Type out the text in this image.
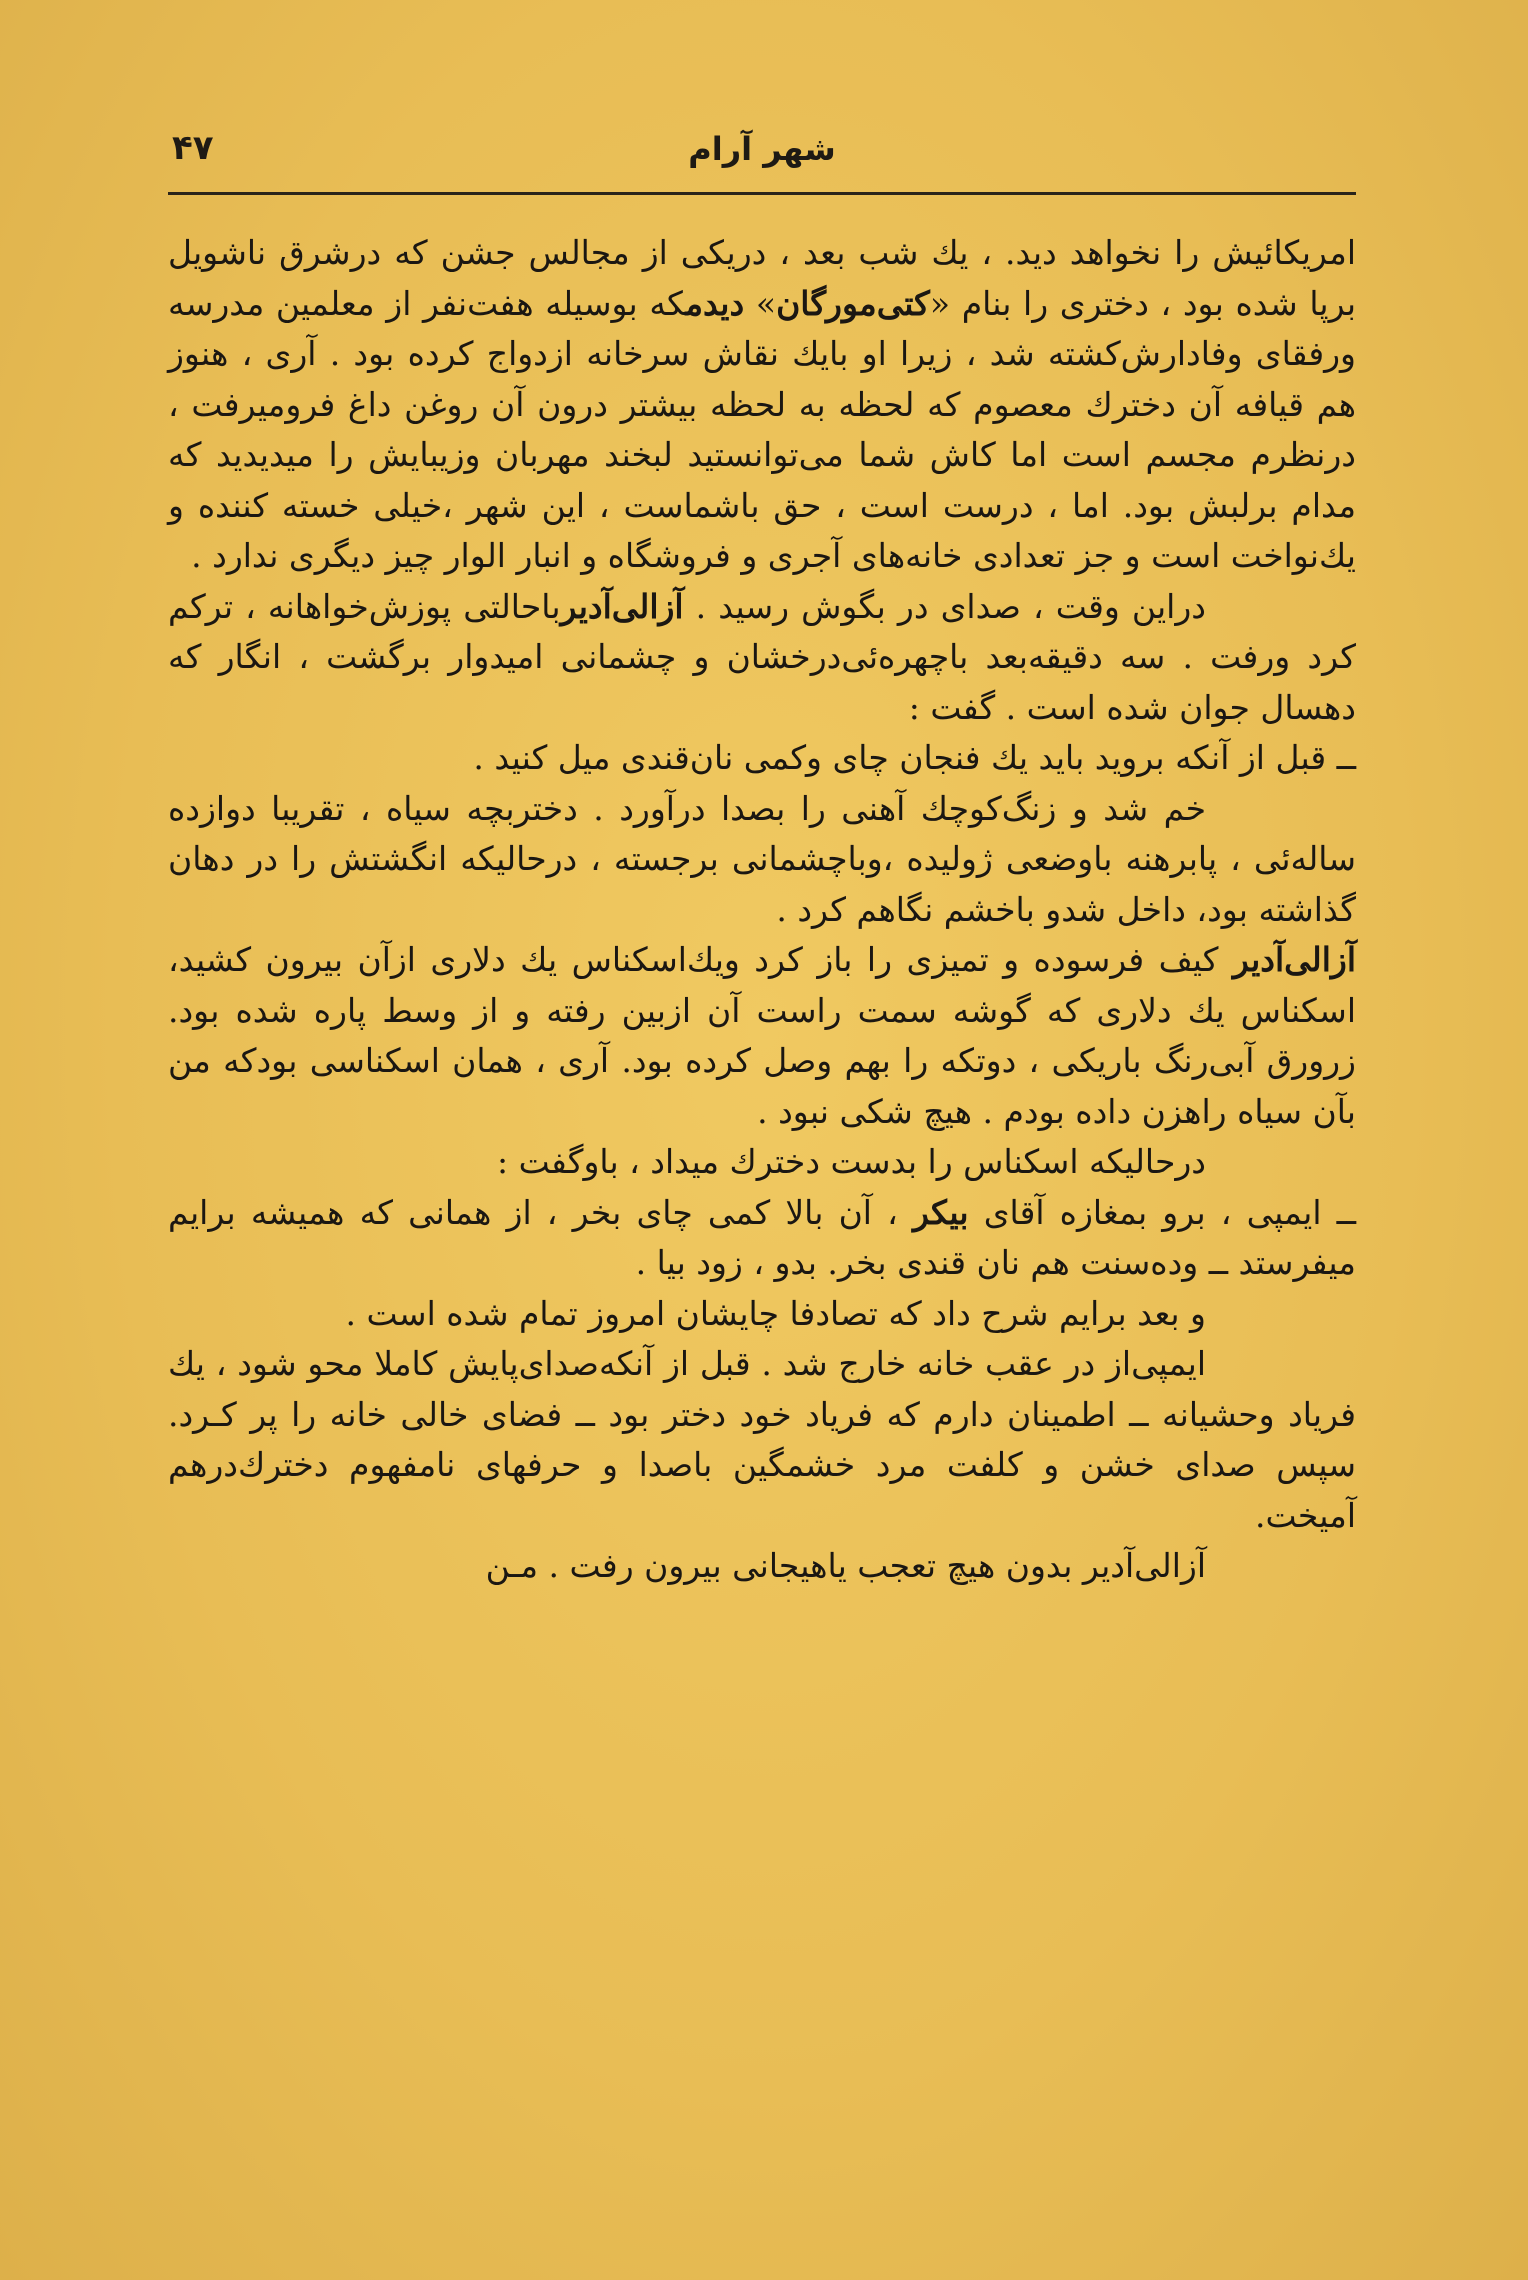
شهر آرام
۴۷

امریکائیش را نخواهد دید. ، یك شب بعد ، دریکی از مجالس جشن که درشرق ناشویل برپا شده بود ، دختری را بنام «کتی‌مورگان» دیدمکه بوسیله هفت‌نفر از معلمین مدرسه ورفقای وفادارش‌کشته شد ، زیرا او بایك نقاش سرخانه ازدواج کرده بود . آری ، هنوز هم قیافه آن دخترك معصوم که لحظه به لحظه بیشتر درون آن روغن داغ فرومیرفت ، درنظرم مجسم است اما کاش شما می‌توانستید لبخند مهربان وزیبایش را میدیدید که مدام برلبش بود. اما ، درست است ، حق باشماست ، این شهر ،خیلی خسته کننده و یك‌نواخت است و جز تعدادی خانه‌های آجری و فروشگاه و انبار الوار چیز دیگری ندارد .

دراین وقت ، صدای در بگوش رسید . آزالی‌آدیرباحالتی پوزش‌خواهانه ، ترکم کرد ورفت . سه دقیقه‌بعد باچهره‌ئی‌درخشان و چشمانی امیدوار برگشت ، انگار که دهسال جوان شده است . گفت :

ــ قبل از آنکه بروید باید یك فنجان چای وکمی نان‌قندی میل کنید .

خم شد و زنگ‌کوچك آهنی را بصدا درآورد . دختربچه سیاه ، تقریبا دوازده ساله‌ئی ، پابرهنه باوضعی ژولیده ،وباچشمانی برجسته ، درحالیکه انگشتش را در دهان گذاشته بود، داخل شدو باخشم نگاهم کرد .

آزالی‌آدیر کیف فرسوده و تمیزی را باز کرد ویك‌اسکناس یك دلاری ازآن بیرون کشید، اسکناس یك دلاری که گوشه سمت راست آن ازبین رفته و از وسط پاره شده بود. زرورق آبی‌رنگ باریکی ، دوتکه را بهم وصل کرده بود. آری ، همان اسکناسی بودکه من بآن سیاه راهزن داده بودم . هیچ شکی نبود .

درحالیکه اسکناس را بدست دخترك میداد ، باوگفت :

ــ ایمپی ، برو بمغازه آقای بیکر ، آن بالا کمی چای بخر ، از همانی که همیشه برایم میفرستد ــ وده‌سنت هم نان قندی بخر. بدو ، زود بیا .

و بعد برایم شرح داد که تصادفا چایشان امروز تمام شده است .

ایمپی‌از در عقب خانه خارج شد . قبل از آنکه‌صدای‌پایش کاملا محو شود ، یك فریاد وحشیانه ــ اطمینان دارم که فریاد خود دختر بود ــ فضای خالی خانه را پر کـرد. سپس صدای خشن و کلفت مرد خشمگین باصدا و حرفهای نامفهوم دخترك‌درهم آمیخت.

آزالی‌آدیر بدون هیچ تعجب یاهیجانی بیرون رفت . مـن
